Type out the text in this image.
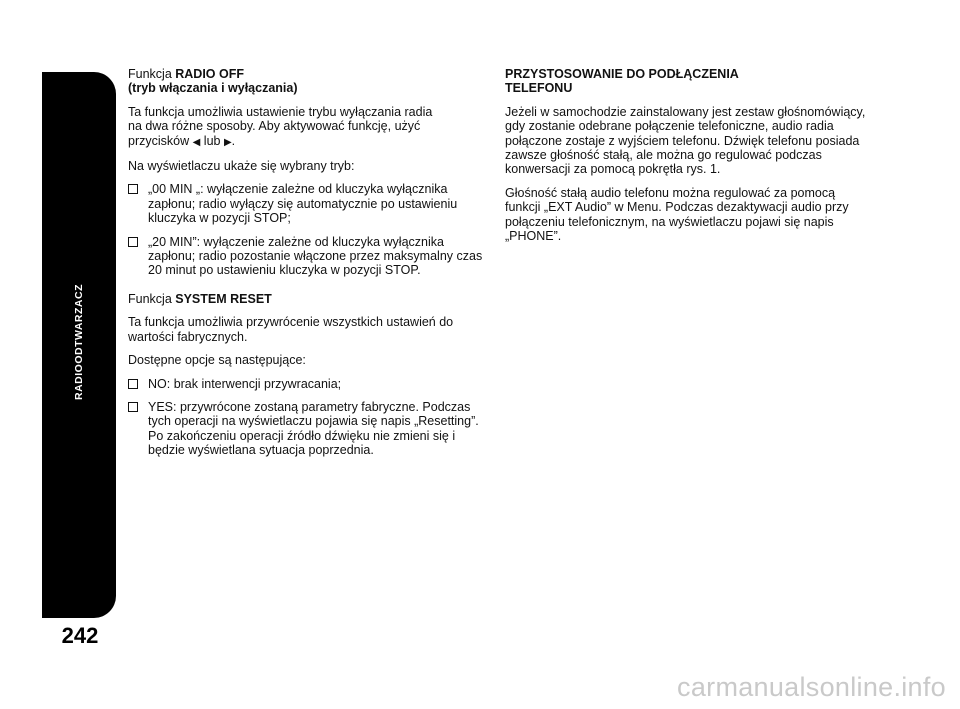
RADIOODTWARZACZ
242
Funkcja RADIO OFF
(tryb włączania i wyłączania)

Ta funkcja umożliwia ustawienie trybu wyłączania radia
na dwa różne sposoby. Aby aktywować funkcję, użyć
przycisków ◀ lub ▶.

Na wyświetlaczu ukaże się wybrany tryb:

„00 MIN „: wyłączenie zależne od kluczyka wyłącznika zapłonu; radio wyłączy się automatycznie po ustawieniu kluczyka w pozycji STOP;
„20 MIN”: wyłączenie zależne od kluczyka wyłącznika zapłonu; radio pozostanie włączone przez maksymalny czas 20 minut po ustawieniu kluczyka w pozycji STOP.
Funkcja SYSTEM RESET

Ta funkcja umożliwia przywrócenie wszystkich ustawień do wartości fabrycznych.

Dostępne opcje są następujące:

NO: brak interwencji przywracania;
YES: przywrócone zostaną parametry fabryczne. Podczas tych operacji na wyświetlaczu pojawia się napis „Resetting”. Po zakończeniu operacji źródło dźwięku nie zmieni się i będzie wyświetlana sytuacja poprzednia.
PRZYSTOSOWANIE DO PODŁĄCZENIA
TELEFONU

Jeżeli w samochodzie zainstalowany jest zestaw głośnomówiący, gdy zostanie odebrane połączenie telefoniczne, audio radia połączone zostaje z wyjściem telefonu. Dźwięk telefonu posiada zawsze głośność stałą, ale można go regulować podczas konwersacji za pomocą pokrętła rys. 1.

Głośność stałą audio telefonu można regulować za pomocą funkcji „EXT Audio” w Menu. Podczas dezaktywacji audio przy połączeniu telefonicznym, na wyświetlaczu pojawi się napis „PHONE”.

carmanualsonline.info
